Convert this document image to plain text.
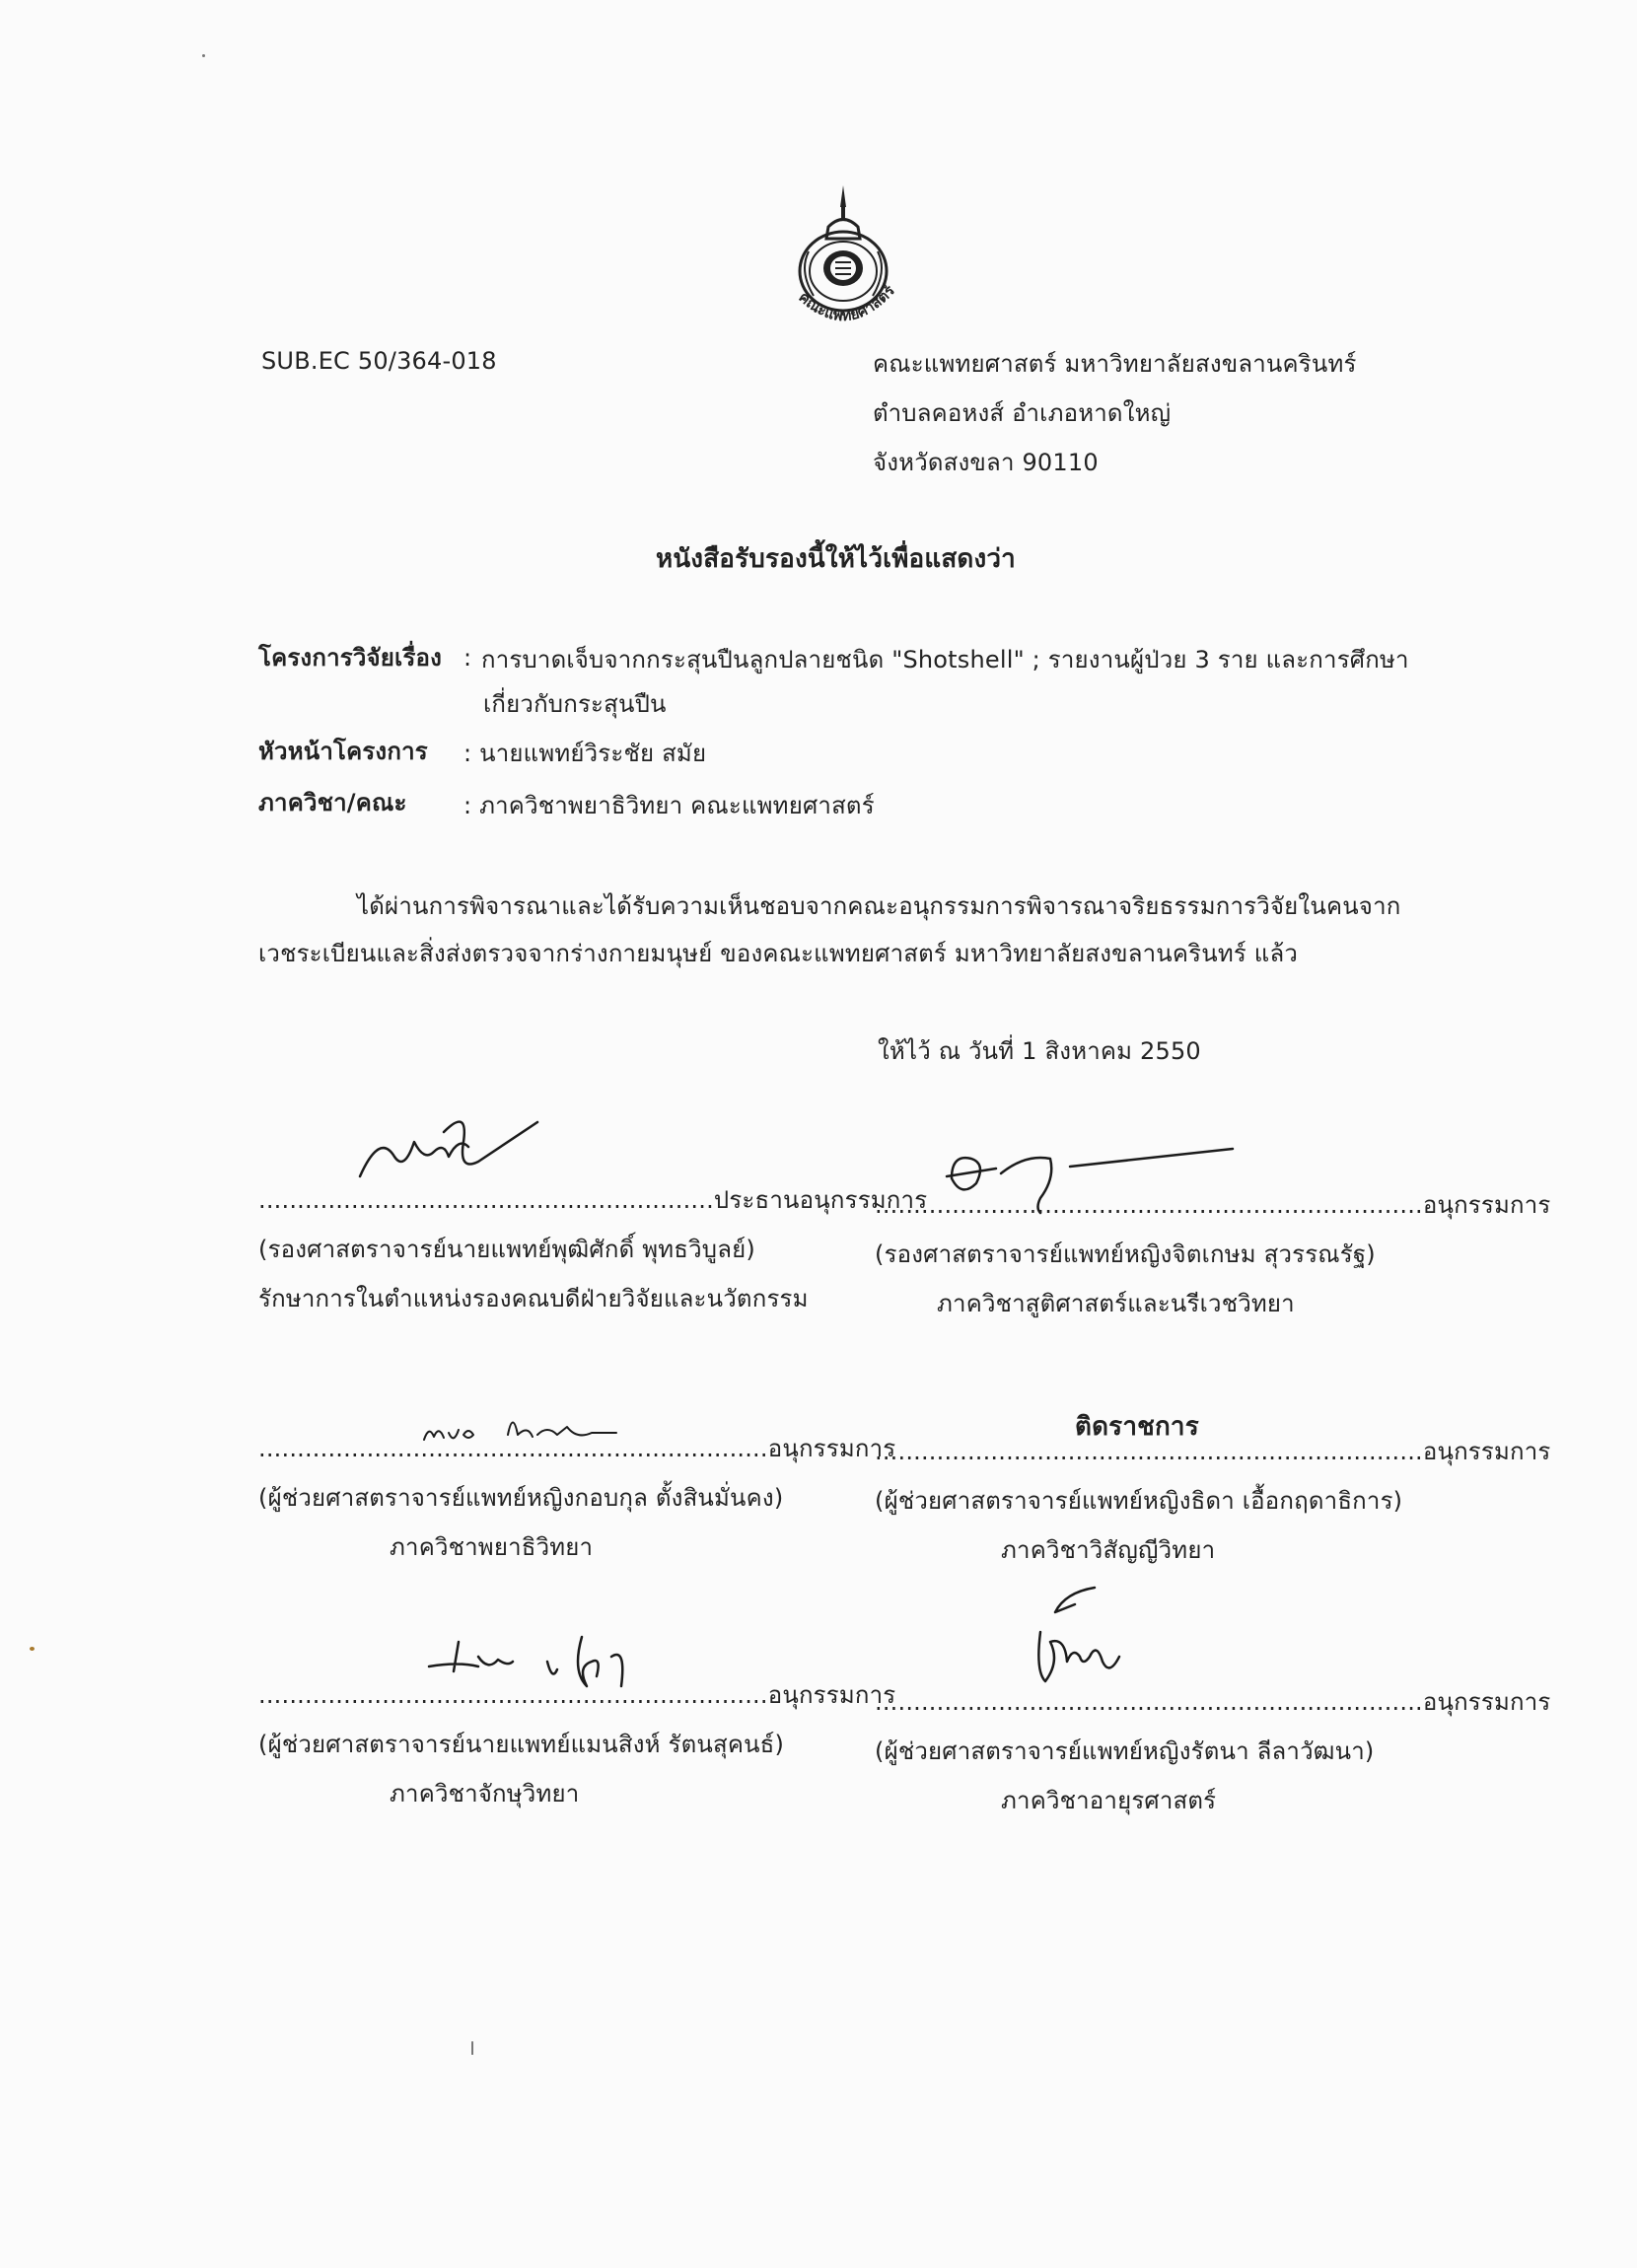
คณะแพทยศาสตร์
SUB.EC 50/364-018	คณะแพทยศาสตร์ มหาวิทยาลัยสงขลานครินทร์
ตำบลคอหงส์ อำเภอหาดใหญ่
จังหวัดสงขลา 90110
หนังสือรับรองนี้ให้ไว้เพื่อแสดงว่า
โครงการวิจัยเรื่อง : การบาดเจ็บจากกระสุนปืนลูกปลายชนิด "Shotshell" ; รายงานผู้ป่วย 3 ราย และการศึกษา
เกี่ยวกับกระสุนปืน
หัวหน้าโครงการ : นายแพทย์วิระชัย สมัย
ภาควิชา/คณะ : ภาควิชาพยาธิวิทยา คณะแพทยศาสตร์
ได้ผ่านการพิจารณาและได้รับความเห็นชอบจากคณะอนุกรรมการพิจารณาจริยธรรมการวิจัยในคนจาก
เวชระเบียนและสิ่งส่งตรวจจากร่างกายมนุษย์ ของคณะแพทยศาสตร์ มหาวิทยาลัยสงขลานครินทร์ แล้ว
ให้ไว้ ณ วันที่ 1 สิงหาคม 2550
...........................................................ประธานอนุกรรมการ
(รองศาสตราจารย์นายแพทย์พุฒิศักดิ์ พุทธวิบูลย์)
รักษาการในตำแหน่งรองคณบดีฝ่ายวิจัยและนวัตกรรม
.......................................................................อนุกรรมการ
(รองศาสตราจารย์แพทย์หญิงจิตเกษม สุวรรณรัฐ)
ภาควิชาสูติศาสตร์และนรีเวชวิทยา
..................................................................อนุกรรมการ
(ผู้ช่วยศาสตราจารย์แพทย์หญิงกอบกุล ตั้งสินมั่นคง)
ภาควิชาพยาธิวิทยา
ติดราชการ
.......................................................................อนุกรรมการ
(ผู้ช่วยศาสตราจารย์แพทย์หญิงธิดา เอื้อกฤดาธิการ)
ภาควิชาวิสัญญีวิทยา
..................................................................อนุกรรมการ
(ผู้ช่วยศาสตราจารย์นายแพทย์แมนสิงห์ รัตนสุคนธ์)
ภาควิชาจักษุวิทยา
.......................................................................อนุกรรมการ
(ผู้ช่วยศาสตราจารย์แพทย์หญิงรัตนา ลีลาวัฒนา)
ภาควิชาอายุรศาสตร์
